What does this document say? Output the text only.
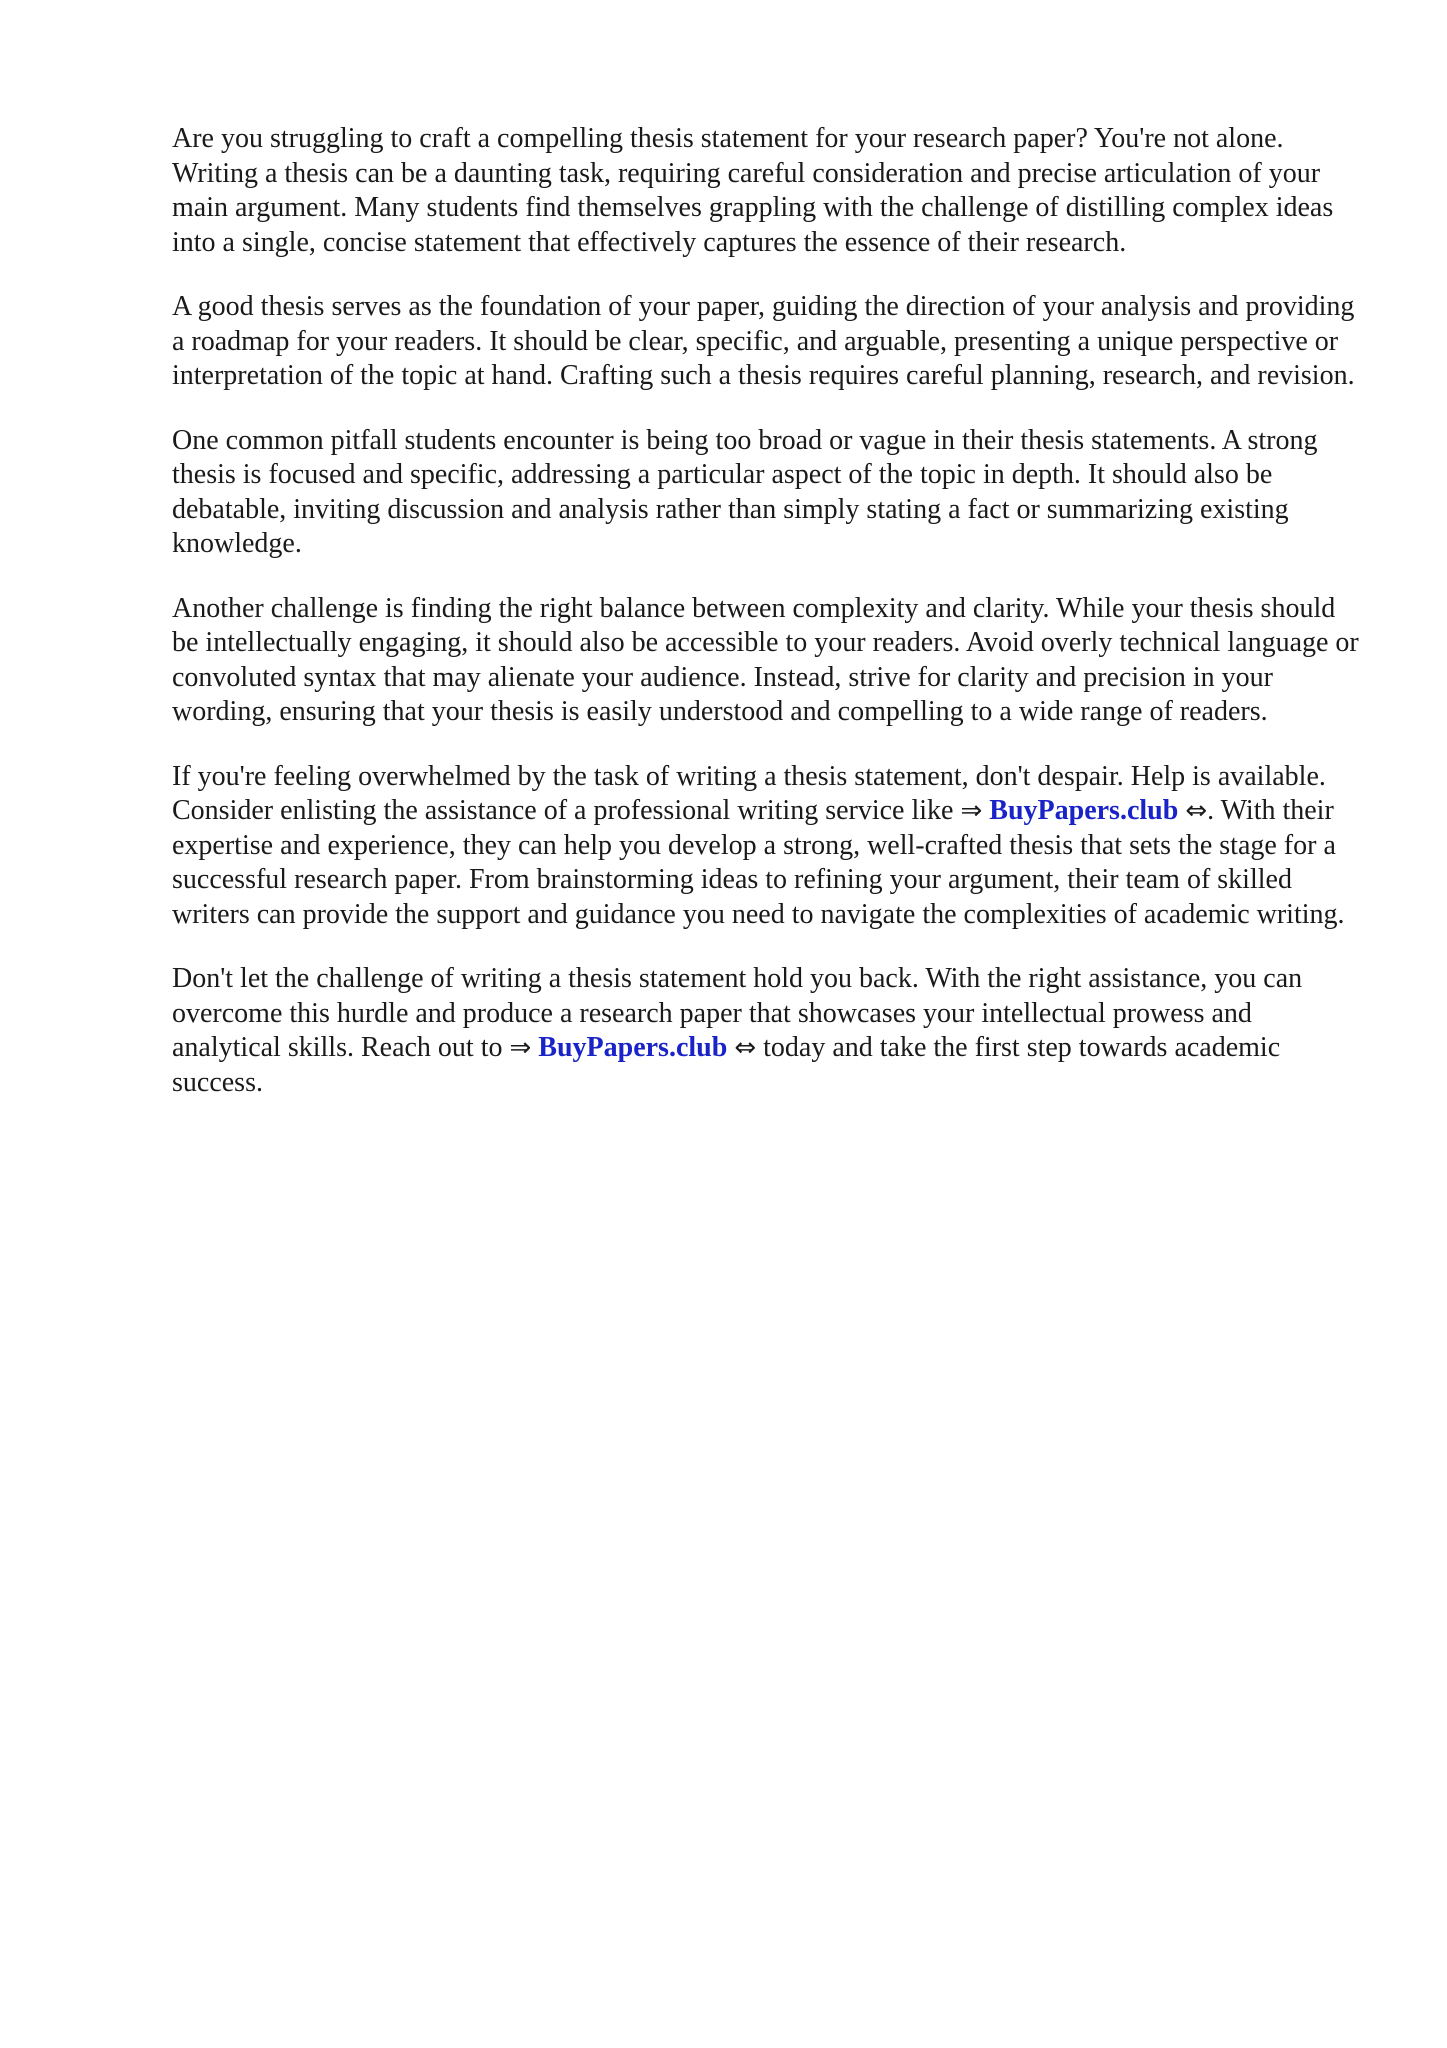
Are you struggling to craft a compelling thesis statement for your research paper? You're not alone. Writing a thesis can be a daunting task, requiring careful consideration and precise articulation of your main argument. Many students find themselves grappling with the challenge of distilling complex ideas into a single, concise statement that effectively captures the essence of their research.

A good thesis serves as the foundation of your paper, guiding the direction of your analysis and providing a roadmap for your readers. It should be clear, specific, and arguable, presenting a unique perspective or interpretation of the topic at hand. Crafting such a thesis requires careful planning, research, and revision.

One common pitfall students encounter is being too broad or vague in their thesis statements. A strong thesis is focused and specific, addressing a particular aspect of the topic in depth. It should also be debatable, inviting discussion and analysis rather than simply stating a fact or summarizing existing knowledge.

Another challenge is finding the right balance between complexity and clarity. While your thesis should be intellectually engaging, it should also be accessible to your readers. Avoid overly technical language or convoluted syntax that may alienate your audience. Instead, strive for clarity and precision in your wording, ensuring that your thesis is easily understood and compelling to a wide range of readers.

If you're feeling overwhelmed by the task of writing a thesis statement, don't despair. Help is available. Consider enlisting the assistance of a professional writing service like ⇒ BuyPapers.club ⇔. With their expertise and experience, they can help you develop a strong, well-crafted thesis that sets the stage for a successful research paper. From brainstorming ideas to refining your argument, their team of skilled writers can provide the support and guidance you need to navigate the complexities of academic writing.

Don't let the challenge of writing a thesis statement hold you back. With the right assistance, you can overcome this hurdle and produce a research paper that showcases your intellectual prowess and analytical skills. Reach out to ⇒ BuyPapers.club ⇔ today and take the first step towards academic success.
